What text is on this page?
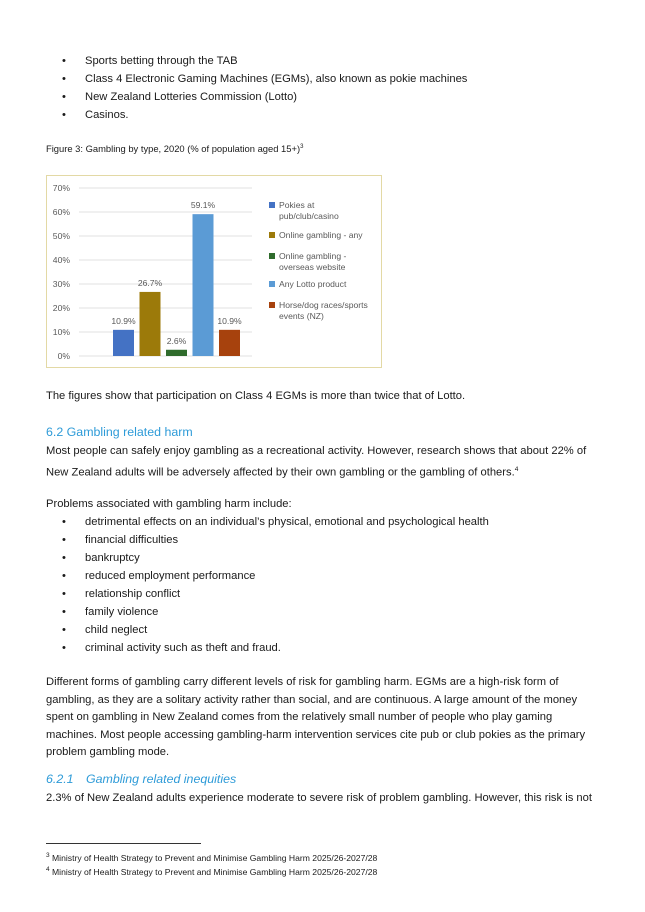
• Sports betting through the TAB
• Class 4 Electronic Gaming Machines (EGMs), also known as pokie machines
• New Zealand Lotteries Commission (Lotto)
• Casinos.

Figure 3: Gambling by type, 2020 (% of population aged 15+)$^3$

0%
10%
20%
30%
40%
50%
60%
70%
10.9%
26.7%
2.6%
59.1%
10.9%
Pokies at
pub/club/casino
Online gambling - any
Online gambling -
overseas website
Any Lotto product
Horse/dog races/sports
events (NZ)

The figures show that participation on Class 4 EGMs is more than twice that of Lotto.

6.2 Gambling related harm

Most people can safely enjoy gambling as a recreational activity. However, research shows that about 22% of New Zealand adults will be adversely affected by their own gambling or the gambling of others.$^4$

Problems associated with gambling harm include:

• detrimental effects on an individual’s physical, emotional and psychological health
• financial difficulties
• bankruptcy
• reduced employment performance
• relationship conflict
• family violence
• child neglect
• criminal activity such as theft and fraud.

Different forms of gambling carry different levels of risk for gambling harm. EGMs are a high-risk form of gambling, as they are a solitary activity rather than social, and are continuous. A large amount of the money spent on gambling in New Zealand comes from the relatively small number of people who play gaming machines. Most people accessing gambling-harm intervention services cite pub or club pokies as the primary problem gambling mode.

6.2.1 Gambling related inequities

2.3% of New Zealand adults experience moderate to severe risk of problem gambling. However, this risk is not

$^3$ Ministry of Health Strategy to Prevent and Minimise Gambling Harm 2025/26-2027/28
$^4$ Ministry of Health Strategy to Prevent and Minimise Gambling Harm 2025/26-2027/28
